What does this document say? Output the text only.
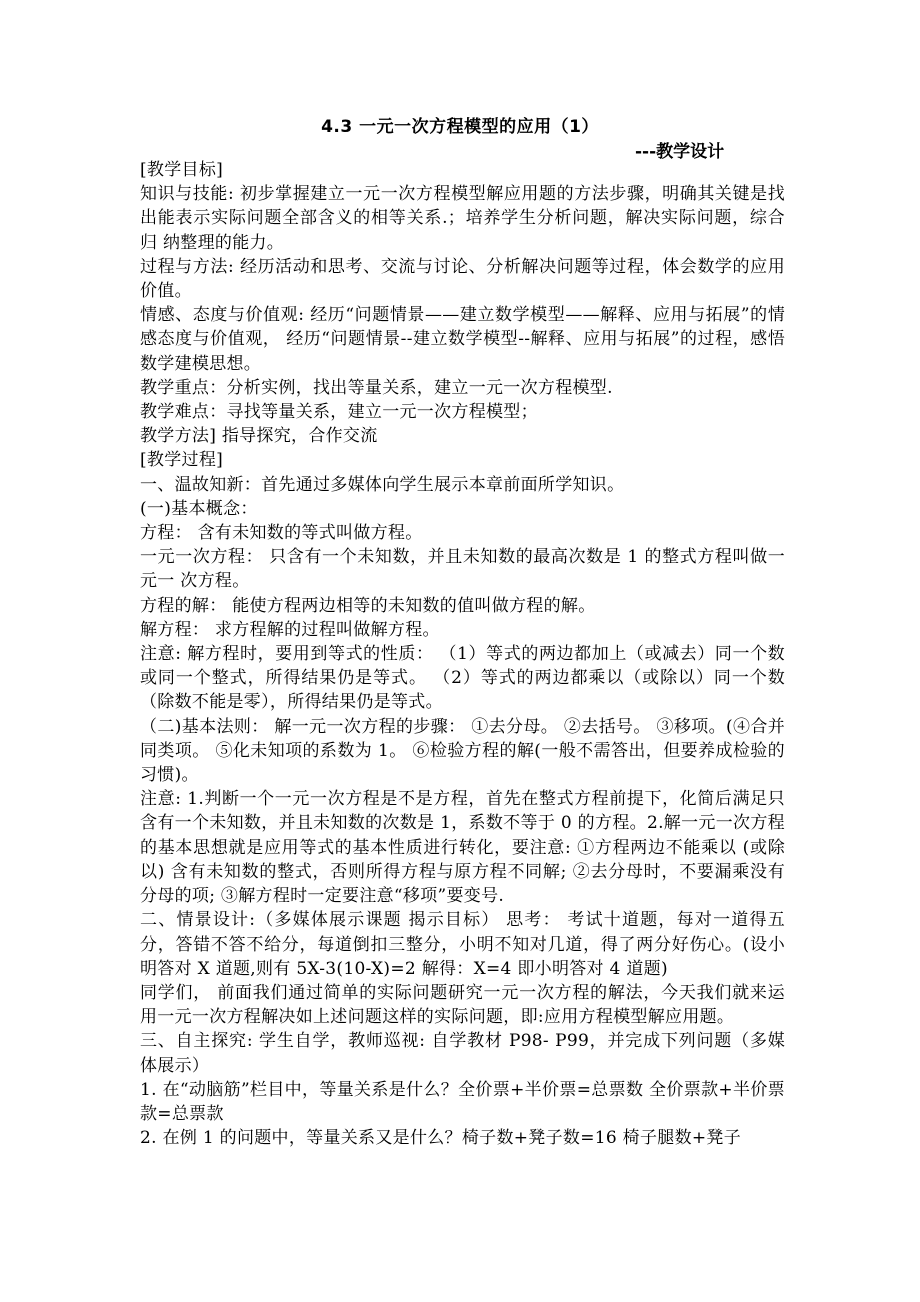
4.3 一元一次方程模型的应用（1）
---教学设计

[教学目标]

知识与技能: 初步掌握建立一元一次方程模型解应用题的方法步骤，明确其关键是找出能表示实际问题全部含义的相等关系.；培养学生分析问题，解决实际问题，综合归 纳整理的能力。

过程与方法: 经历活动和思考、交流与讨论、分析解决问题等过程，体会数学的应用价值。

情感、态度与价值观: 经历“问题情景——建立数学模型——解释、应用与拓展”的情感态度与价值观， 经历“问题情景--建立数学模型--解释、应用与拓展”的过程，感悟数学建模思想。

教学重点：分析实例，找出等量关系，建立一元一次方程模型.

教学难点：寻找等量关系，建立一元一次方程模型；

教学方法] 指导探究，合作交流

[教学过程]

一、温故知新：首先通过多媒体向学生展示本章前面所学知识。

(一)基本概念：

方程： 含有未知数的等式叫做方程。

一元一次方程： 只含有一个未知数，并且未知数的最高次数是 1 的整式方程叫做一元一 次方程。

方程的解： 能使方程两边相等的未知数的值叫做方程的解。

解方程： 求方程解的过程叫做解方程。

注意: 解方程时，要用到等式的性质： （1）等式的两边都加上（或减去）同一个数或同一个整式，所得结果仍是等式。 （2）等式的两边都乘以（或除以）同一个数（除数不能是零），所得结果仍是等式。

（二)基本法则： 解一元一次方程的步骤： ①去分母。 ②去括号。 ③移项。(④合并同类项。 ⑤化未知项的系数为 1。 ⑥检验方程的解(一般不需答出，但要养成检验的习惯)。

注意: 1.判断一个一元一次方程是不是方程，首先在整式方程前提下，化简后满足只含有一个未知数，并且未知数的次数是 1，系数不等于 0 的方程。2.解一元一次方程的基本思想就是应用等式的基本性质进行转化，要注意: ①方程两边不能乘以 (或除以) 含有未知数的整式，否则所得方程与原方程不同解; ②去分母时，不要漏乘没有分母的项; ③解方程时一定要注意“移项”要变号.

二、情景设计:（多媒体展示课题 揭示目标） 思考： 考试十道题，每对一道得五分，答错不答不给分，每道倒扣三整分，小明不知对几道，得了两分好伤心。(设小明答对 X 道题,则有 5X-3(10-X)=2 解得：X=4 即小明答对 4 道题)

同学们， 前面我们通过简单的实际问题研究一元一次方程的解法，今天我们就来运用一元一次方程解决如上述问题这样的实际问题，即:应用方程模型解应用题。

三、自主探究: 学生自学，教师巡视: 自学教材 P98- P99，并完成下列问题（多媒体展示）

1. 在“动脑筋”栏目中，等量关系是什么？全价票+半价票=总票数 全价票款+半价票款=总票款

2. 在例 1 的问题中，等量关系又是什么？椅子数+凳子数=16 椅子腿数+凳子
